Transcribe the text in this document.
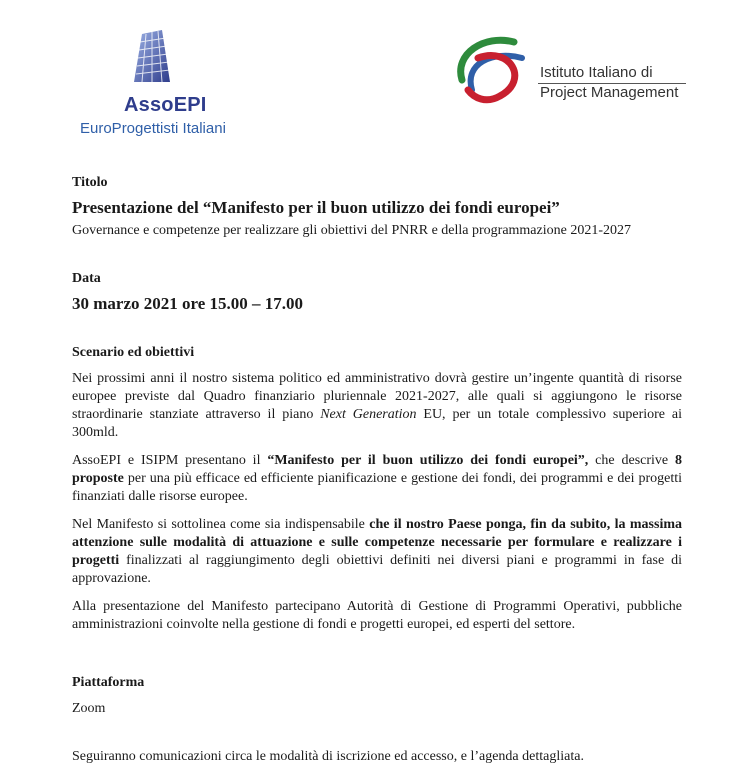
AssoEPI
EuroProgettisti Italiani
Istituto Italiano di
Project Management

Titolo

Presentazione del “Manifesto per il buon utilizzo dei fondi europei”

Governance e competenze per realizzare gli obiettivi del PNRR e della programmazione 2021-2027

Data

30 marzo 2021 ore 15.00 – 17.00

Scenario ed obiettivi

Nei prossimi anni il nostro sistema politico ed amministrativo dovrà gestire un’ingente quantità di risorse europee previste dal Quadro finanziario pluriennale 2021-2027, alle quali si aggiungono le risorse straordinarie stanziate attraverso il piano Next Generation EU, per un totale complessivo superiore ai 300mld.

AssoEPI e ISIPM presentano il “Manifesto per il buon utilizzo dei fondi europei”, che descrive 8 proposte per una più efficace ed efficiente pianificazione e gestione dei fondi, dei programmi e dei progetti finanziati dalle risorse europee.

Nel Manifesto si sottolinea come sia indispensabile che il nostro Paese ponga, fin da subito, la massima attenzione sulle modalità di attuazione e sulle competenze necessarie per formulare e realizzare i progetti finalizzati al raggiungimento degli obiettivi definiti nei diversi piani e programmi in fase di approvazione.

Alla presentazione del Manifesto partecipano Autorità di Gestione di Programmi Operativi, pubbliche amministrazioni coinvolte nella gestione di fondi e progetti europei, ed esperti del settore.

Piattaforma

Zoom

Seguiranno comunicazioni circa le modalità di iscrizione ed accesso, e l’agenda dettagliata.
